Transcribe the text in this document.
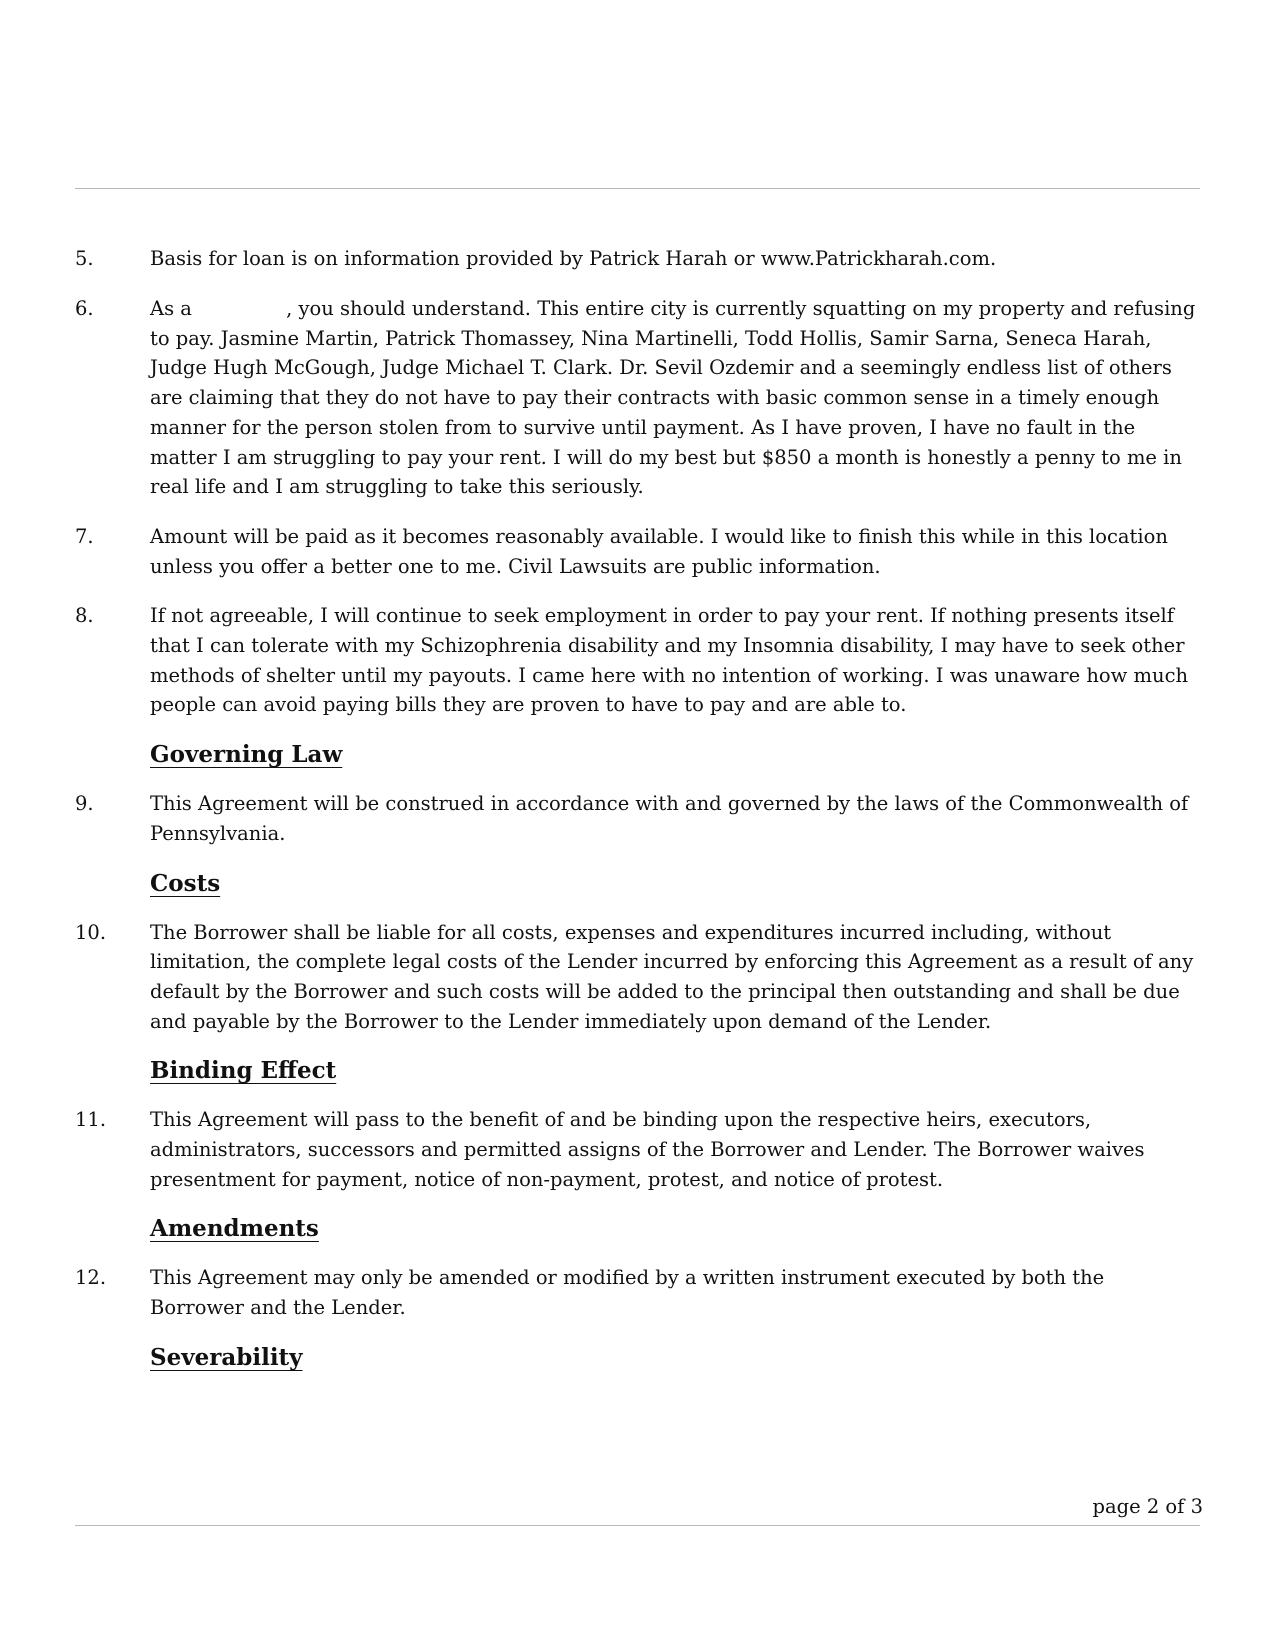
5.	Basis for loan is on information provided by Patrick Harah or www.Patrickharah.com.
6.	As a	, you should understand. This entire city is currently squatting on my property and refusing to pay. Jasmine Martin, Patrick Thomassey, Nina Martinelli, Todd Hollis, Samir Sarna, Seneca Harah, Judge Hugh McGough, Judge Michael T. Clark. Dr. Sevil Ozdemir and a seemingly endless list of others are claiming that they do not have to pay their contracts with basic common sense in a timely enough manner for the person stolen from to survive until payment. As I have proven, I have no fault in the matter I am struggling to pay your rent. I will do my best but $850 a month is honestly a penny to me in real life and I am struggling to take this seriously.
7.	Amount will be paid as it becomes reasonably available. I would like to finish this while in this location unless you offer a better one to me. Civil Lawsuits are public information.
8.	If not agreeable, I will continue to seek employment in order to pay your rent. If nothing presents itself that I can tolerate with my Schizophrenia disability and my Insomnia disability, I may have to seek other methods of shelter until my payouts. I came here with no intention of working. I was unaware how much people can avoid paying bills they are proven to have to pay and are able to.
Governing Law
9.	This Agreement will be construed in accordance with and governed by the laws of the Commonwealth of Pennsylvania.
Costs
10.	The Borrower shall be liable for all costs, expenses and expenditures incurred including, without limitation, the complete legal costs of the Lender incurred by enforcing this Agreement as a result of any default by the Borrower and such costs will be added to the principal then outstanding and shall be due and payable by the Borrower to the Lender immediately upon demand of the Lender.
Binding Effect
11.	This Agreement will pass to the benefit of and be binding upon the respective heirs, executors, administrators, successors and permitted assigns of the Borrower and Lender. The Borrower waives presentment for payment, notice of non-payment, protest, and notice of protest.
Amendments
12.	This Agreement may only be amended or modified by a written instrument executed by both the Borrower and the Lender.
Severability
page 2 of 3
